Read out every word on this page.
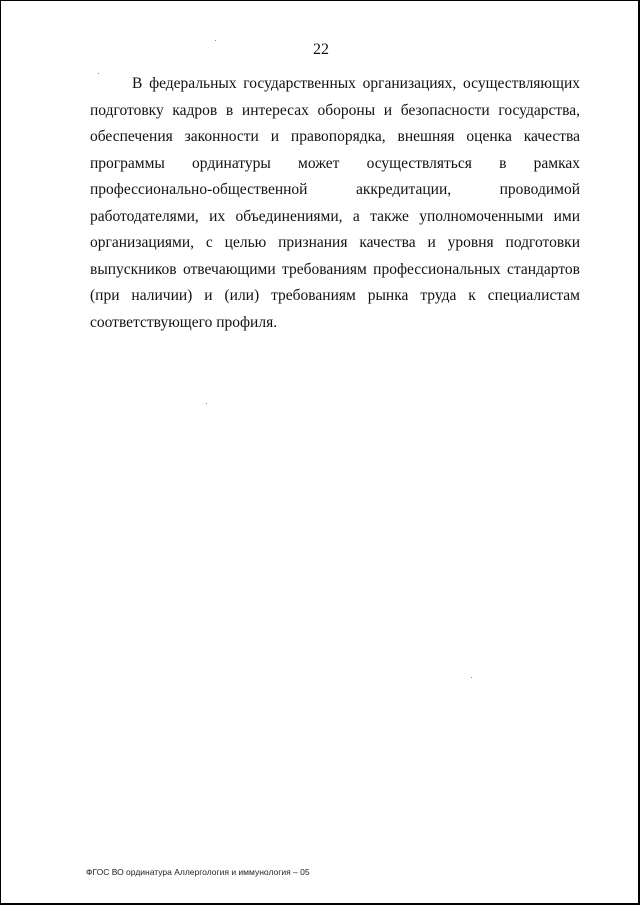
22

В федеральных государственных организациях, осуществляющих подготовку кадров в интересах обороны и безопасности государства, обеспечения законности и правопорядка, внешняя оценка качества программы ординатуры может осуществляться в рамках профессионально-общественной аккредитации, проводимой работодателями, их объединениями, а также уполномоченными ими организациями, с целью признания качества и уровня подготовки выпускников отвечающими требованиям профессиональных стандартов (при наличии) и (или) требованиям рынка труда к специалистам соответствующего профиля.

ФГОС ВО ординатура Аллергология и иммунология – 05
